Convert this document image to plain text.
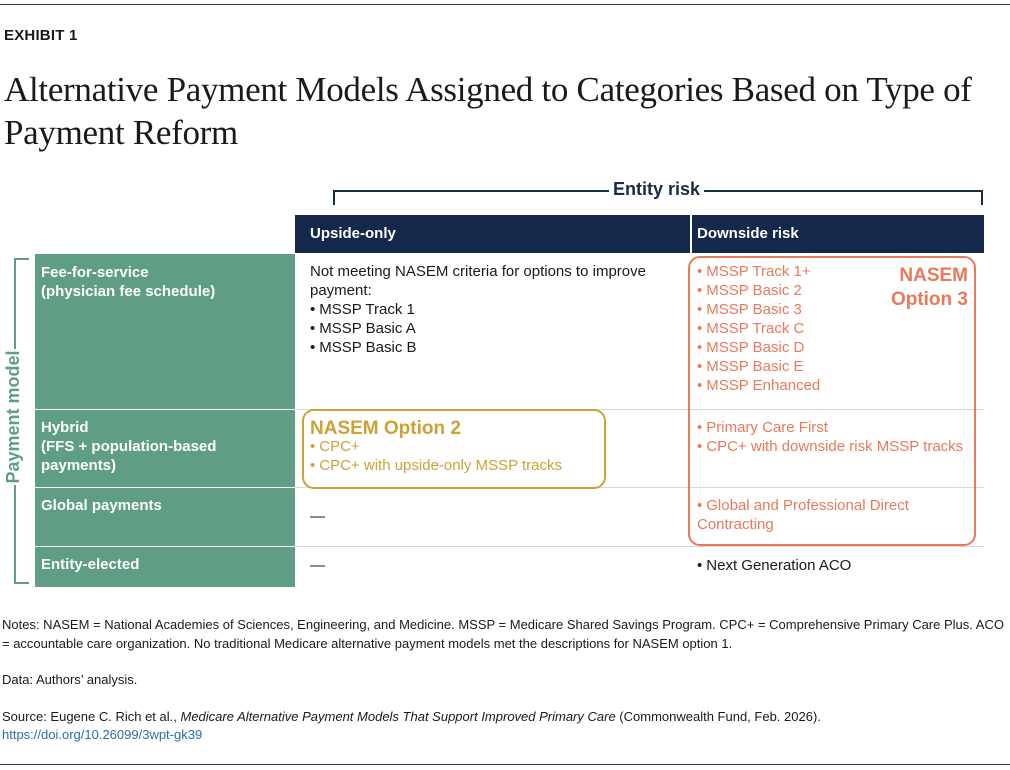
EXHIBIT 1
Alternative Payment Models Assigned to Categories Based on Type of Payment Reform
Entity risk
Upside-only	Downside risk
Payment model
Fee-for-service
(physician fee schedule)
Hybrid
(FFS + population-based payments)
Global payments
Entity-elected
Not meeting NASEM criteria for options to improve payment:
• MSSP Track 1
• MSSP Basic A
• MSSP Basic B
• MSSP Track 1+
• MSSP Basic 2
• MSSP Basic 3
• MSSP Track C
• MSSP Basic D
• MSSP Basic E
• MSSP Enhanced
• CPC+
• CPC+ with upside-only MSSP tracks
• Primary Care First
• CPC+ with downside risk MSSP tracks
—
• Global and Professional Direct Contracting
—
•	Next Generation ACO
NASEM
Option 3
NASEM Option 2
Notes: NASEM = National Academies of Sciences, Engineering, and Medicine. MSSP = Medicare Shared Savings Program. CPC+ = Comprehensive Primary Care Plus. ACO = accountable care organization. No traditional Medicare alternative payment models met the descriptions for NASEM option 1.
Data: Authors’ analysis.
Source: Eugene C. Rich et al., Medicare Alternative Payment Models That Support Improved Primary Care (Commonwealth Fund, Feb. 2026).
https://doi.org/10.26099/3wpt-gk39
